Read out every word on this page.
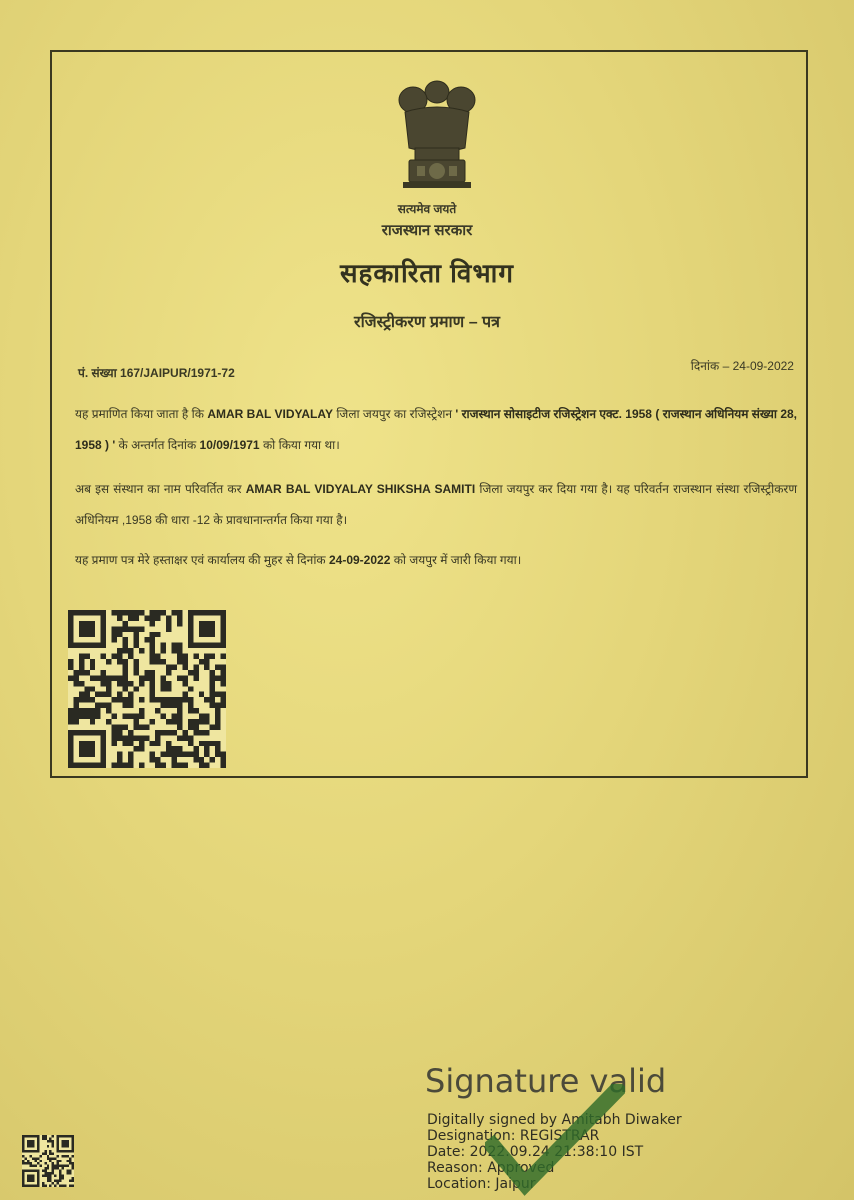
सत्यमेव जयते
राजस्थान सरकार
सहकारिता विभाग
रजिस्ट्रीकरण प्रमाण – पत्र
पं. संख्या 167/JAIPUR/1971-72	दिनांक – 24-09-2022
यह प्रमाणित किया जाता है कि AMAR BAL VIDYALAY जिला जयपुर का रजिस्ट्रेशन ' राजस्थान सोसाइटीज रजिस्ट्रेशन एक्ट. 1958 ( राजस्थान अधिनियम संख्या 28, 1958 ) ' के अन्तर्गत दिनांक 10/09/1971 को किया गया था।
अब इस संस्थान का नाम परिवर्तित कर AMAR BAL VIDYALAY SHIKSHA SAMITI जिला जयपुर कर दिया गया है। यह परिवर्तन राजस्थान संस्था रजिस्ट्रीकरण अधिनियम ,1958 की धारा -12 के प्रावधानान्तर्गत किया गया है।
यह प्रमाण पत्र मेरे हस्ताक्षर एवं कार्यालय की मुहर से दिनांक 24-09-2022 को जयपुर में जारी किया गया।
Signature valid
Digitally signed by Amitabh Diwaker
Designation: REGISTRAR
Date: 2022.09.24 21:38:10 IST
Reason: Approved
Location: Jaipur
